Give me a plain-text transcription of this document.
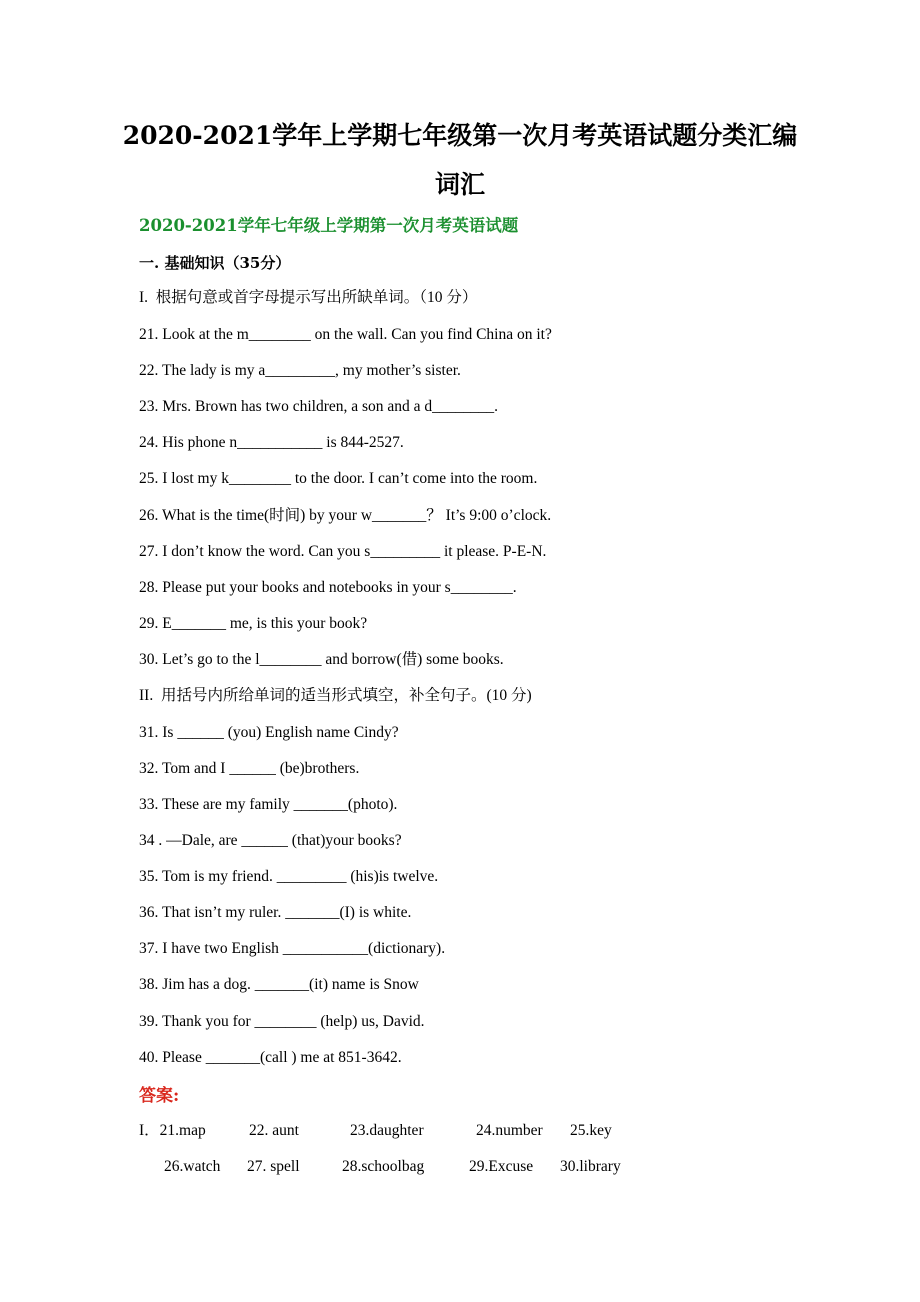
2020-2021学年上学期七年级第一次月考英语试题分类汇编
词汇
2020-2021学年七年级上学期第一次月考英语试题
一. 基础知识（35分）
I.  根据句意或首字母提示写出所缺单词。（10 分）
21. Look at the m________ on the wall. Can you find China on it?
22. The lady is my a_________, my mother’s sister.
23. Mrs. Brown has two children, a son and a d________.
24. His phone n___________ is 844-2527.
25. I lost my k________ to the door. I can’t come into the room.
26. What is the time(时间) by your w_______？ It’s 9:00 o’clock.
27. I don’t know the word. Can you s_________ it please. P-E-N.
28. Please put your books and notebooks in your s________.
29. E_______ me, is this your book?
30. Let’s go to the l________ and borrow(借) some books.
II.  用括号内所给单词的适当形式填空，补全句子。(10 分)
31. Is ______ (you) English name Cindy?
32. Tom and I ______ (be)brothers.
33. These are my family _______(photo).
34 . —Dale, are ______ (that)your books?
35. Tom is my friend. _________ (his)is twelve.
36. That isn’t my ruler. _______(I) is white.
37. I have two English ___________(dictionary).
38. Jim has a dog. _______(it) name is Snow
39. Thank you for ________ (help) us, David.
40. Please _______(call ) me at 851-3642.
答案:
I．21.map	22. aunt	23.daughter	24.number 25.key
26.watch 27. spell	28.schoolbag	29.Excuse 30.library
